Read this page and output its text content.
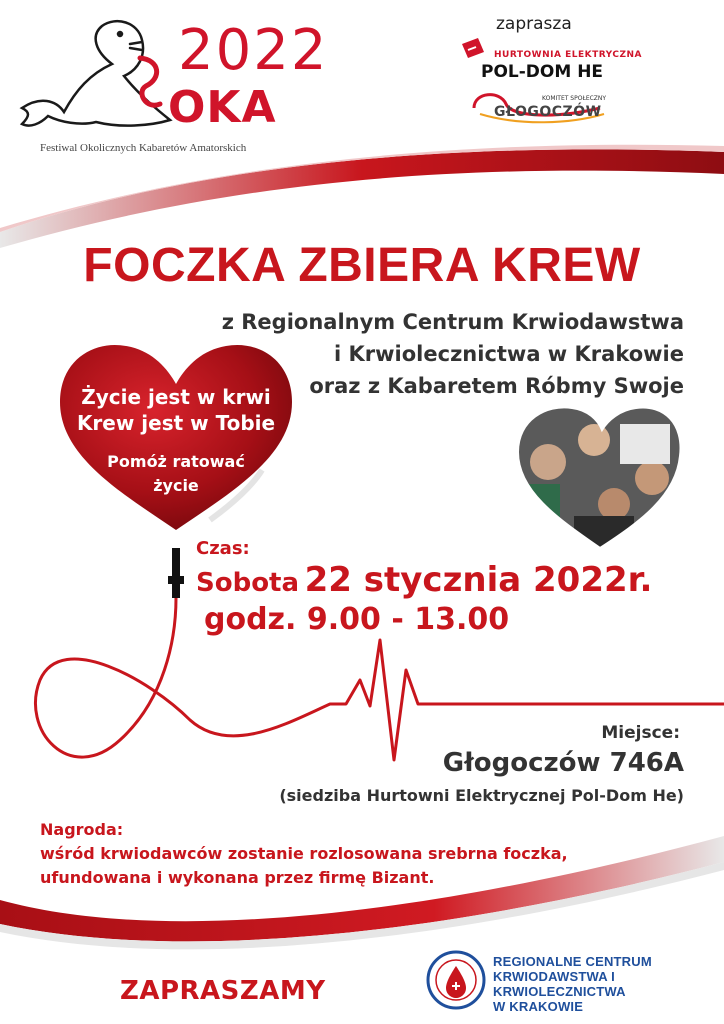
2022
OKA
Festiwal Okolicznych Kabaretów Amatorskich
zaprasza
HURTOWNIA ELEKTRYCZNA
POL-DOM HE
KOMITET SPOŁECZNY
GŁOGOCZÓW
FOCZKA ZBIERA KREW
z Regionalnym Centrum Krwiodawstwa
i Krwiolecznictwa w Krakowie
oraz z Kabaretem Róbmy Swoje
Życie jest w krwi
Krew jest w Tobie
Pomóż ratować
życie
Czas:
Sobota 22 stycznia 2022r.
godz. 9.00 - 13.00
Miejsce:
Głogoczów 746A
(siedziba Hurtowni Elektrycznej Pol-Dom He)
Nagroda:
wśród krwiodawców zostanie rozlosowana srebrna foczka,
ufundowana i wykonana przez firmę Bizant.
ZAPRASZAMY
REGIONALNE CENTRUM
KRWIODAWSTWA I KRWIOLECZNICTWA
W KRAKOWIE
